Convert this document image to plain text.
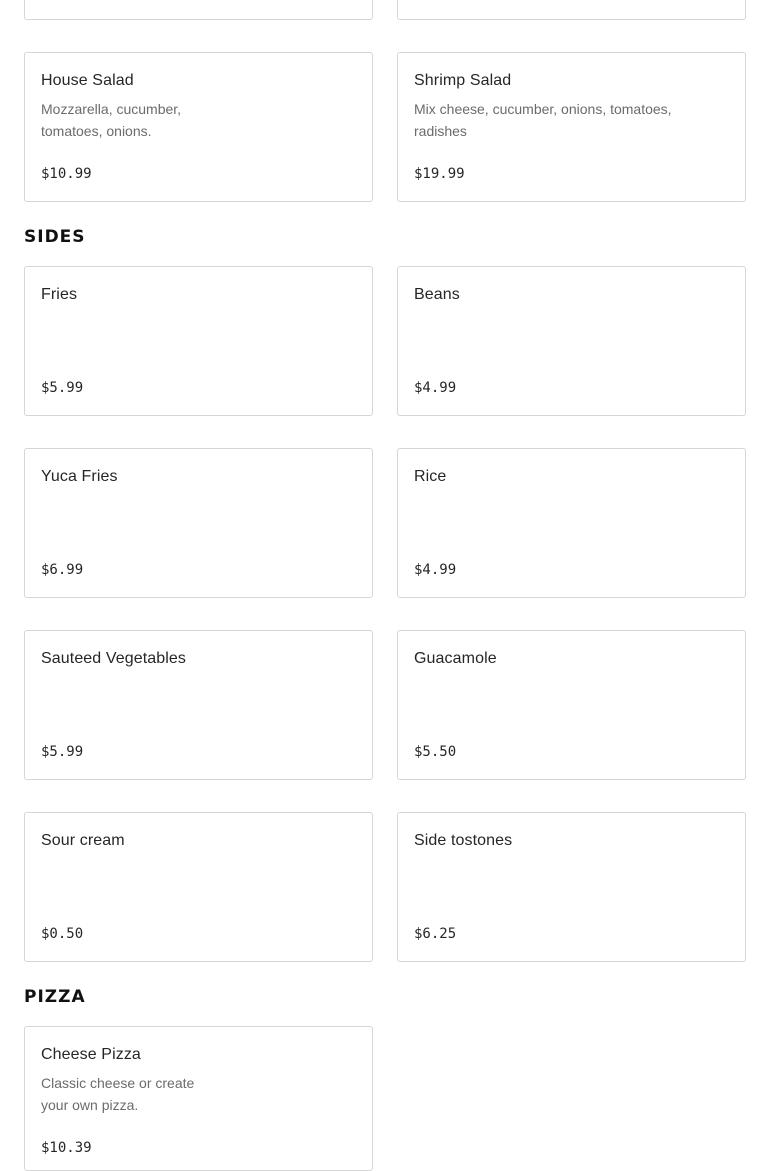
House Salad
Mozzarella, cucumber, tomatoes, onions.
$10.99
Shrimp Salad
Mix cheese, cucumber, onions, tomatoes, radishes
$19.99
SIDES
Fries
$5.99
Beans
$4.99
Yuca Fries
$6.99
Rice
$4.99
Sauteed Vegetables
$5.99
Guacamole
$5.50
Sour cream
$0.50
Side tostones
$6.25
PIZZA
Cheese Pizza
Classic cheese or create your own pizza.
$10.39
